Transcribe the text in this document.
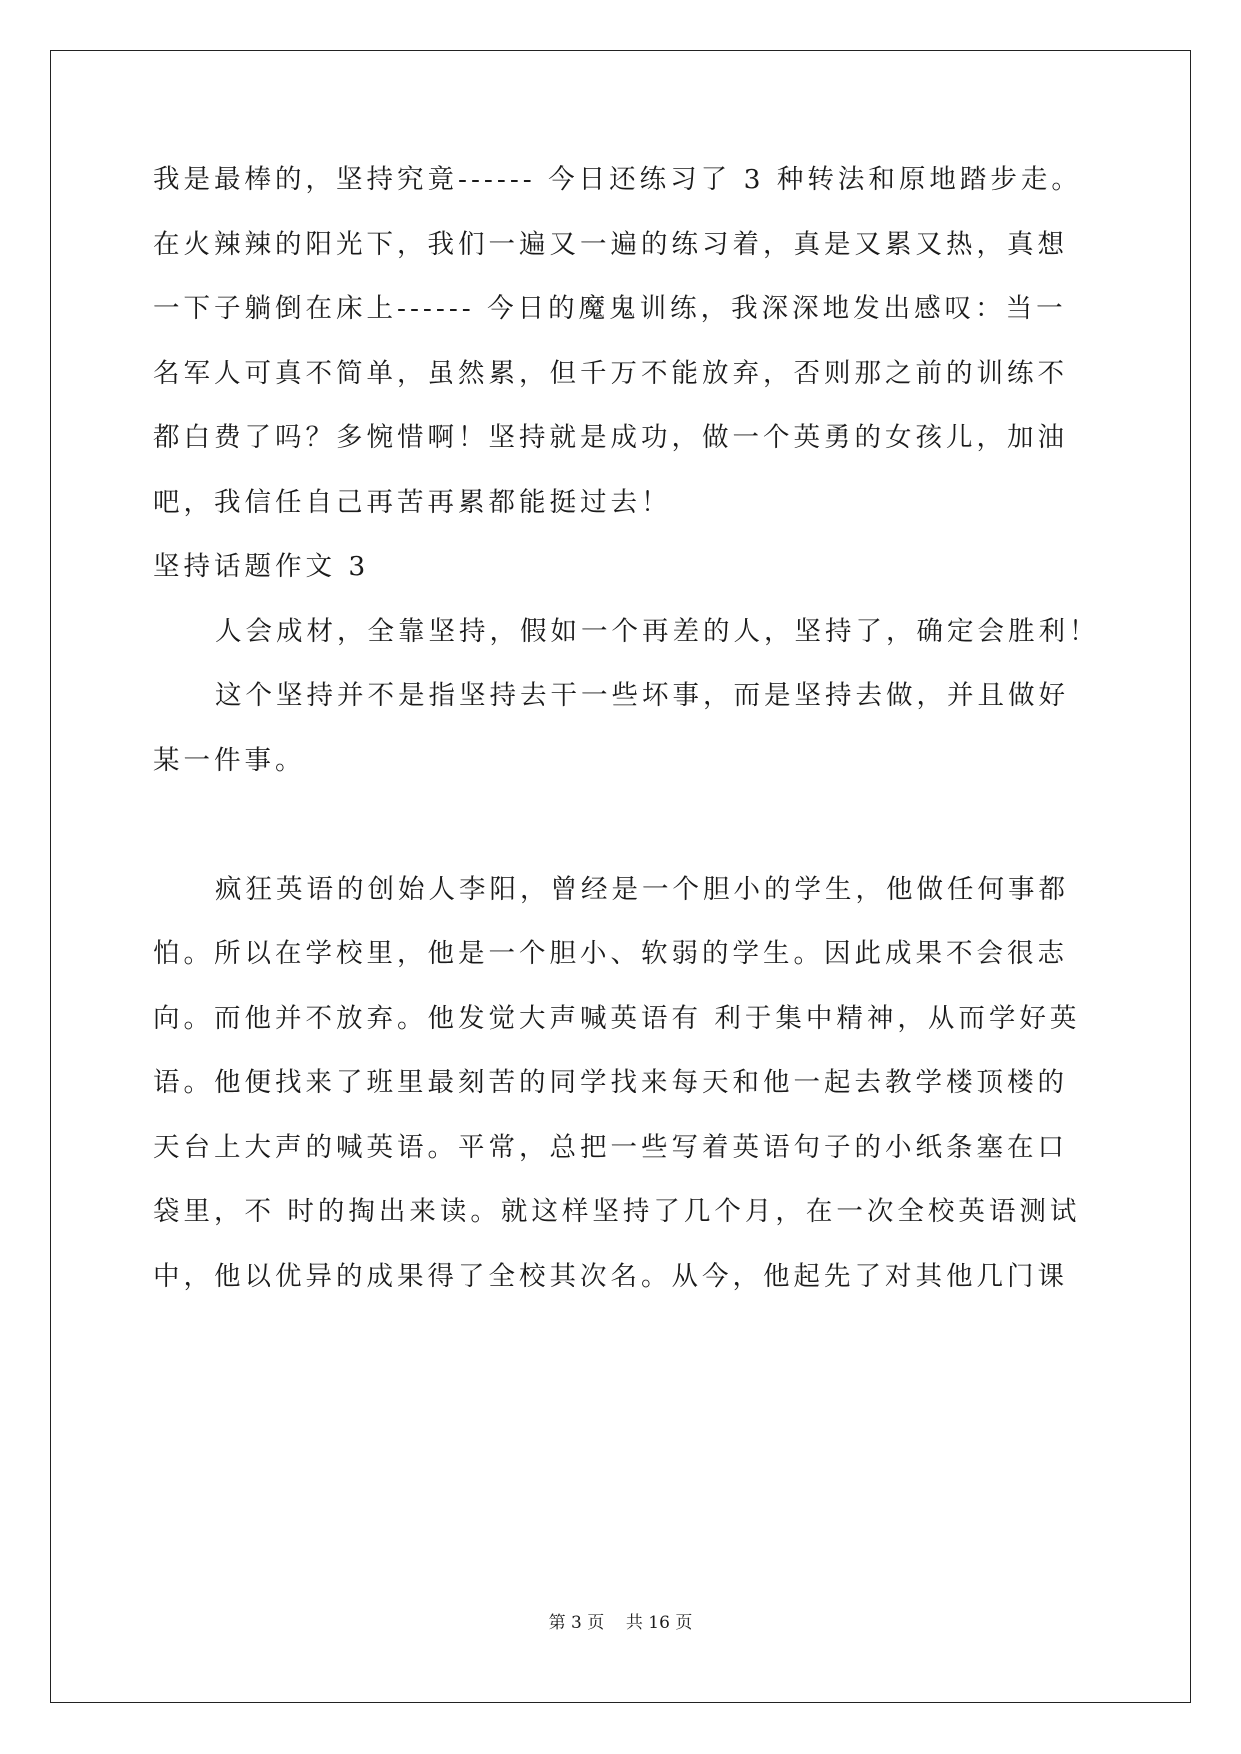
我是最棒的，坚持究竟------ 今日还练习了 3 种转法和原地踏步走。
在火辣辣的阳光下，我们一遍又一遍的练习着，真是又累又热，真想
一下子躺倒在床上------ 今日的魔鬼训练，我深深地发出感叹：当一
名军人可真不简单，虽然累，但千万不能放弃，否则那之前的训练不
都白费了吗？多惋惜啊！坚持就是成功，做一个英勇的女孩儿，加油
吧，我信任自己再苦再累都能挺过去！
坚持话题作文 3
人会成材，全靠坚持，假如一个再差的人，坚持了，确定会胜利！
这个坚持并不是指坚持去干一些坏事，而是坚持去做，并且做好
某一件事。
疯狂英语的创始人李阳，曾经是一个胆小的学生，他做任何事都
怕。所以在学校里，他是一个胆小、软弱的学生。因此成果不会很志
向。而他并不放弃。他发觉大声喊英语有 利于集中精神，从而学好英
语。他便找来了班里最刻苦的同学找来每天和他一起去教学楼顶楼的
天台上大声的喊英语。平常，总把一些写着英语句子的小纸条塞在口
袋里，不 时的掏出来读。就这样坚持了几个月，在一次全校英语测试
中，他以优异的成果得了全校其次名。从今，他起先了对其他几门课
第 3 页    共 16 页
